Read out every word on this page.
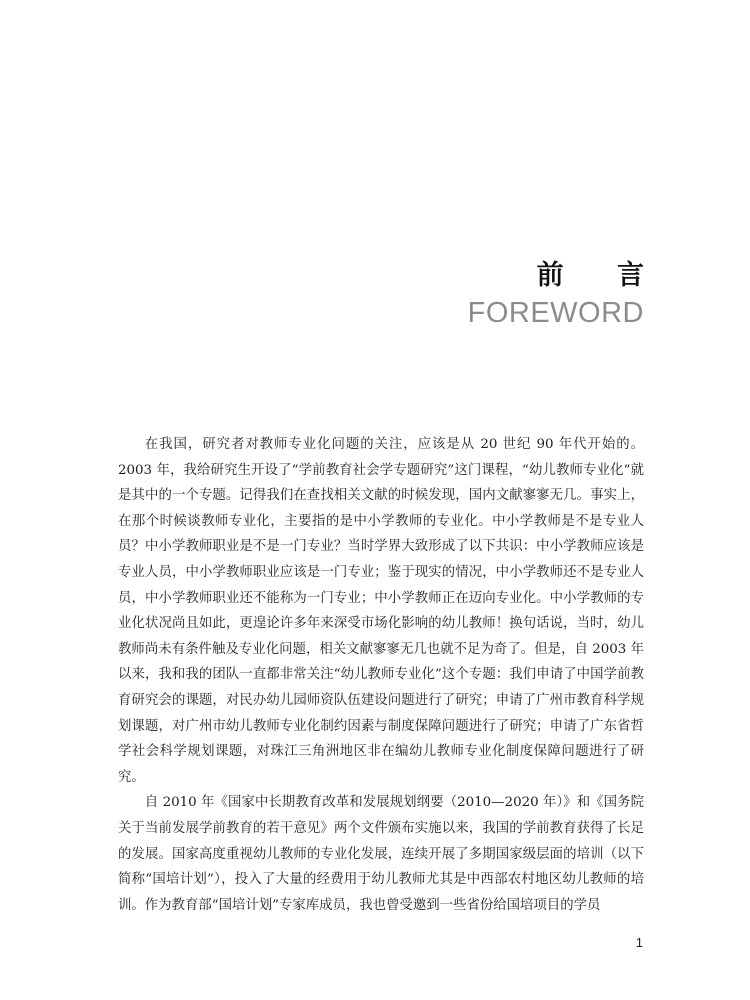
前 言
FOREWORD

在我国，研究者对教师专业化问题的关注，应该是从 20 世纪 90 年代开始的。2003 年，我给研究生开设了“学前教育社会学专题研究”这门课程，“幼儿教师专业化”就是其中的一个专题。记得我们在查找相关文献的时候发现，国内文献寥寥无几。事实上，在那个时候谈教师专业化，主要指的是中小学教师的专业化。中小学教师是不是专业人员？中小学教师职业是不是一门专业？当时学界大致形成了以下共识：中小学教师应该是专业人员，中小学教师职业应该是一门专业；鉴于现实的情况，中小学教师还不是专业人员，中小学教师职业还不能称为一门专业；中小学教师正在迈向专业化。中小学教师的专业化状况尚且如此，更遑论许多年来深受市场化影响的幼儿教师！换句话说，当时，幼儿教师尚未有条件触及专业化问题，相关文献寥寥无几也就不足为奇了。但是，自 2003 年以来，我和我的团队一直都非常关注“幼儿教师专业化”这个专题：我们申请了中国学前教育研究会的课题，对民办幼儿园师资队伍建设问题进行了研究；申请了广州市教育科学规划课题，对广州市幼儿教师专业化制约因素与制度保障问题进行了研究；申请了广东省哲学社会科学规划课题，对珠江三角洲地区非在编幼儿教师专业化制度保障问题进行了研究。

自 2010 年《国家中长期教育改革和发展规划纲要（2010—2020 年）》和《国务院关于当前发展学前教育的若干意见》两个文件颁布实施以来，我国的学前教育获得了长足的发展。国家高度重视幼儿教师的专业化发展，连续开展了多期国家级层面的培训（以下简称“国培计划”），投入了大量的经费用于幼儿教师尤其是中西部农村地区幼儿教师的培训。作为教育部“国培计划”专家库成员，我也曾受邀到一些省份给国培项目的学员

1
